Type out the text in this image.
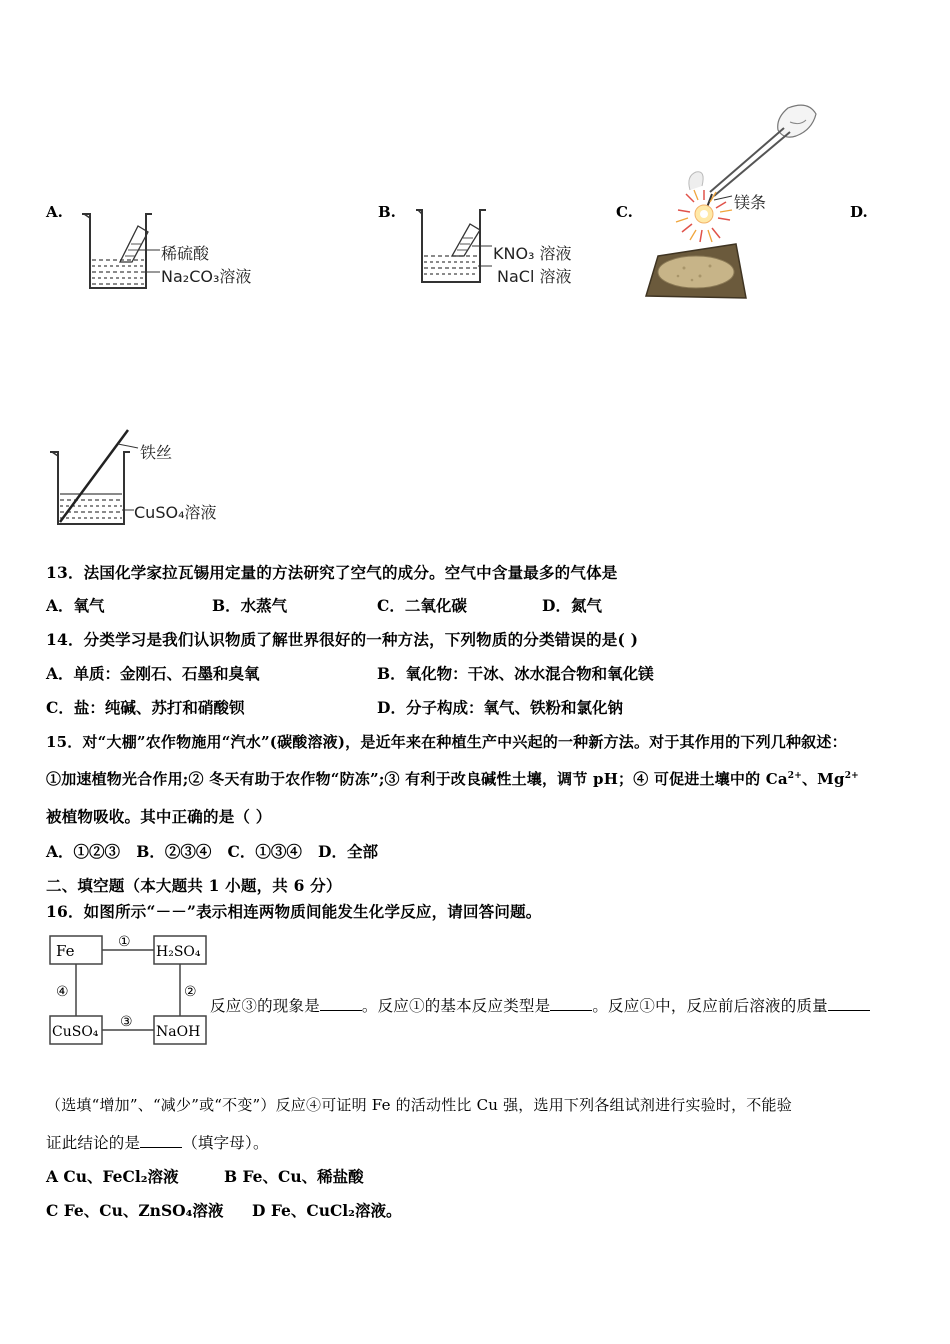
A.
稀硫酸
Na₂CO₃溶液
B.
KNO₃ 溶液
NaCl 溶液
C.	镁条	D.
铁丝
CuSO₄溶液
13．法国化学家拉瓦锡用定量的方法研究了空气的成分。空气中含量最多的气体是
A．氧气	B．水蒸气	C．二氧化碳	D．氮气
14．分类学习是我们认识物质了解世界很好的一种方法，下列物质的分类错误的是( )
A．单质：金刚石、石墨和臭氧	B．氧化物：干冰、冰水混合物和氧化镁
C．盐：纯碱、苏打和硝酸钡	D．分子构成：氧气、铁粉和氯化钠
15．对“大棚”农作物施用“汽水”(碳酸溶液)，是近年来在种植生产中兴起的一种新方法。对于其作用的下列几种叙述：
①加速植物光合作用;② 冬天有助于农作物“防冻”;③ 有利于改良碱性土壤，调节 pH；④ 可促进土壤中的 $Ca^{2+}$、$Mg^{2+}$
被植物吸收。其中正确的是（ ）
A．①②③   B．②③④   C．①③④   D．全部
二、填空题（本大题共 1 小题，共 6 分）
16．如图所示“－－”表示相连两物质间能发生化学反应，请回答问题。
Fe	H₂SO₄
CuSO₄	NaOH
①
②
③
④
反应③的现象是	。反应①的基本反应类型是	。反应①中，反应前后溶液的质量
（选填“增加”、“减少”或“不变”）反应④可证明 Fe 的活动性比 Cu 强，选用下列各组试剂进行实验时，不能验
证此结论的是	（填字母）。
A Cu、FeCl₂溶液	B Fe、Cu、稀盐酸
C Fe、Cu、ZnSO₄溶液 D Fe、CuCl₂溶液。
